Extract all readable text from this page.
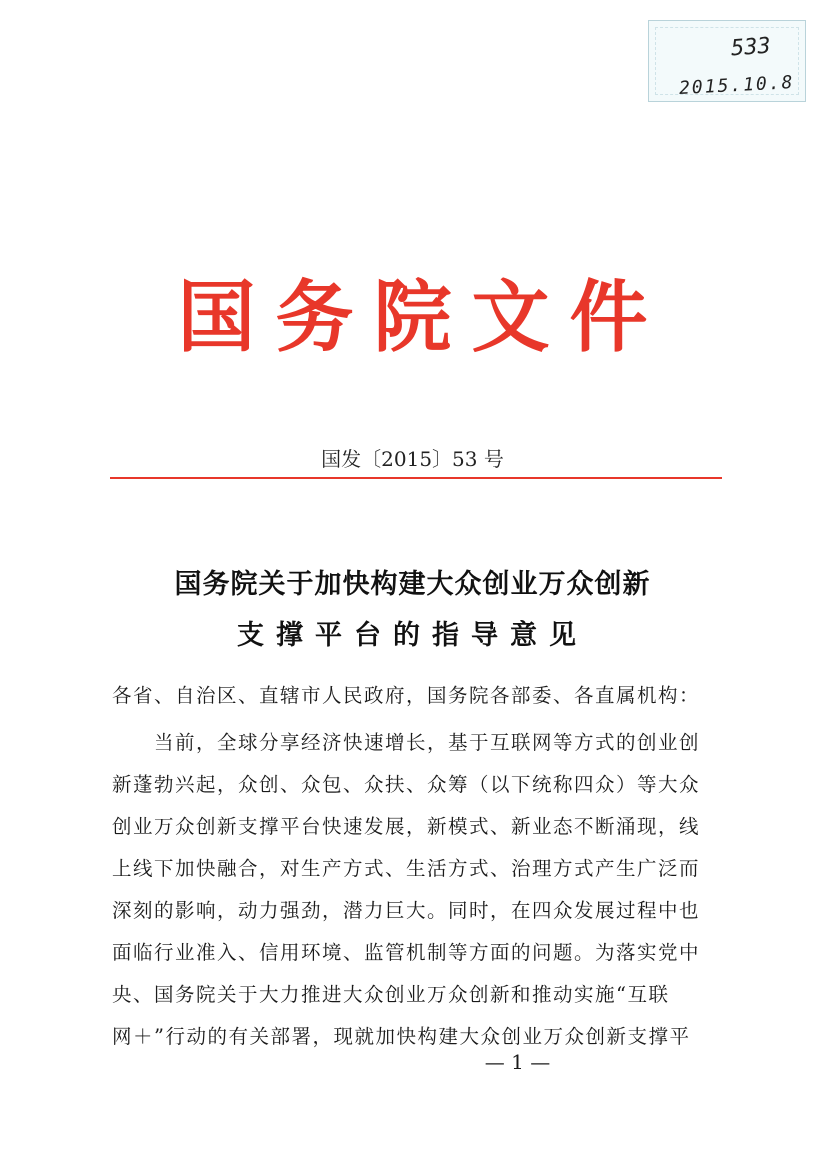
533
2015.10.8
国务院文件
国发〔2015〕53 号
国务院关于加快构建大众创业万众创新
支撑平台的指导意见
各省、自治区、直辖市人民政府，国务院各部委、各直属机构：
　　当前，全球分享经济快速增长，基于互联网等方式的创业创
新蓬勃兴起，众创、众包、众扶、众筹（以下统称四众）等大众
创业万众创新支撑平台快速发展，新模式、新业态不断涌现，线
上线下加快融合，对生产方式、生活方式、治理方式产生广泛而
深刻的影响，动力强劲，潜力巨大。同时，在四众发展过程中也
面临行业准入、信用环境、监管机制等方面的问题。为落实党中
央、国务院关于大力推进大众创业万众创新和推动实施“互联
网＋”行动的有关部署，现就加快构建大众创业万众创新支撑平
— 1 —
